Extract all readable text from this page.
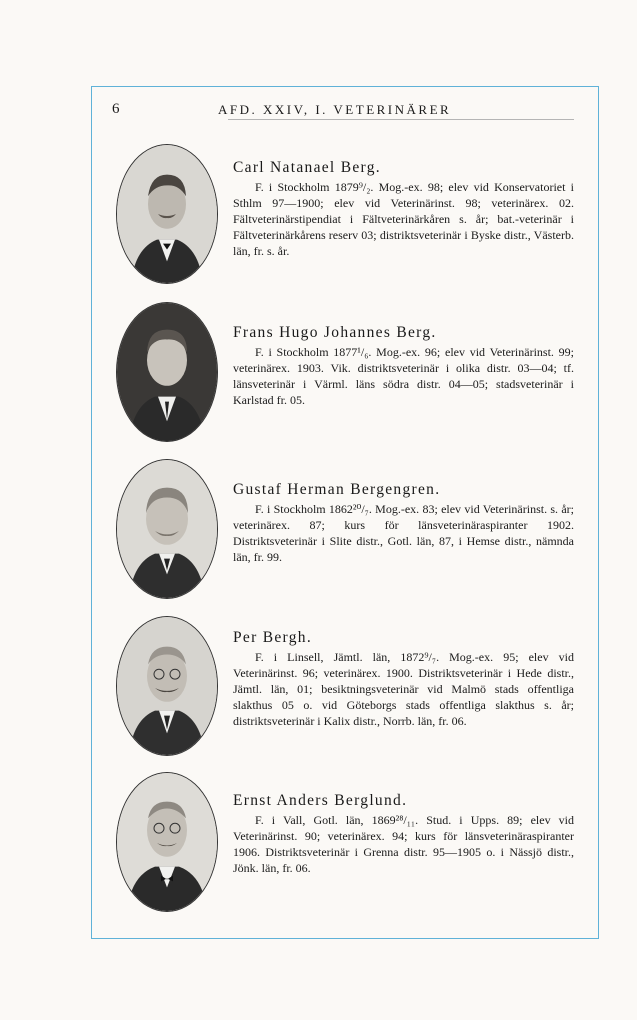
6	AFD. XXIV, I. VETERINÄRER
Carl Natanael Berg.
F. i Stockholm 1879⁹/₂. Mog.-ex. 98; elev vid Konservatoriet i Sthlm 97—1900; elev vid Veterinärinst. 98; veterinärex. 02. Fältveterinärstipendiat i Fältveterinärkåren s. år; bat.-veterinär i Fältveterinärkårens reserv 03; distriktsveterinär i Byske distr., Västerb. län, fr. s. år.
Frans Hugo Johannes Berg.
F. i Stockholm 1877¹/₆. Mog.-ex. 96; elev vid Veterinärinst. 99; veterinärex. 1903. Vik. distriktsveterinär i olika distr. 03—04; tf. länsveterinär i Värml. läns södra distr. 04—05; stadsveterinär i Karlstad fr. 05.
Gustaf Herman Bergengren.
F. i Stockholm 1862²⁰/₇. Mog.-ex. 83; elev vid Veterinärinst. s. år; veterinärex. 87; kurs för länsveterinäraspiranter 1902. Distriktsveterinär i Slite distr., Gotl. län, 87, i Hemse distr., nämnda län, fr. 99.
Per Bergh.
F. i Linsell, Jämtl. län, 1872⁹/₇. Mog.-ex. 95; elev vid Veterinärinst. 96; veterinärex. 1900. Distriktsveterinär i Hede distr., Jämtl. län, 01; besiktningsveterinär vid Malmö stads offentliga slakthus 05 o. vid Göteborgs stads offentliga slakthus s. år; distriktsveterinär i Kalix distr., Norrb. län, fr. 06.
Ernst Anders Berglund.
F. i Vall, Gotl. län, 1869²⁸/₁₁. Stud. i Upps. 89; elev vid Veterinärinst. 90; veterinärex. 94; kurs för länsveterinäraspiranter 1906. Distriktsveterinär i Grenna distr. 95—1905 o. i Nässjö distr., Jönk. län, fr. 06.
